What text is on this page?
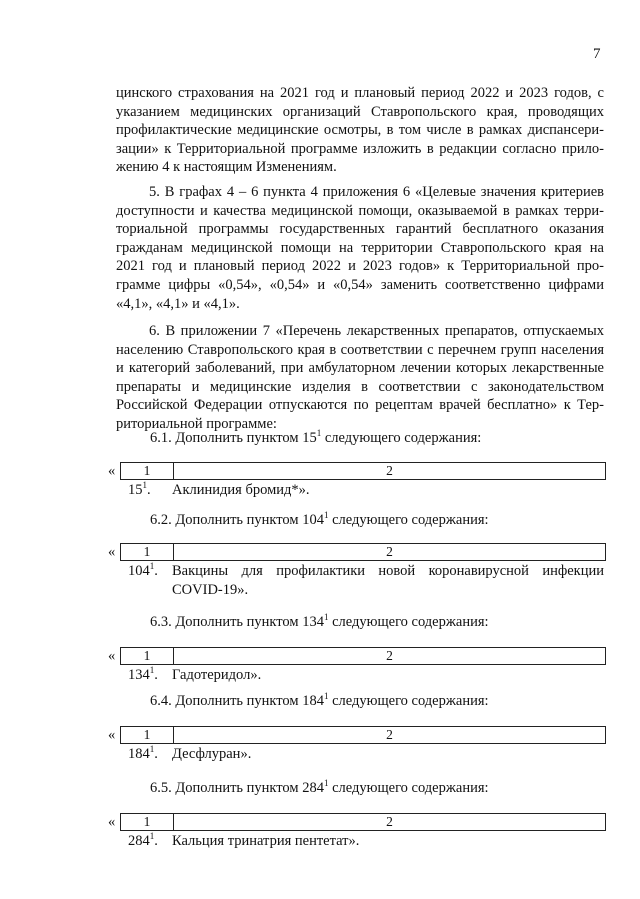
7
цинского страхования на 2021 год и плановый период 2022 и 2023 годов, с
указанием медицинских организаций Ставропольского края, проводящих
профилактические медицинские осмотры, в том числе в рамках диспансери-
зации» к Территориальной программе изложить в редакции согласно прило-
жению 4 к настоящим Изменениям.
5. В графах 4 – 6 пункта 4 приложения 6 «Целевые значения критериев
доступности и качества медицинской помощи, оказываемой в рамках терри-
ториальной программы государственных гарантий бесплатного оказания
гражданам медицинской помощи на территории Ставропольского края на
2021 год и плановый период 2022 и 2023 годов» к Территориальной про-
грамме цифры «0,54», «0,54» и «0,54» заменить соответственно цифрами
«4,1», «4,1» и «4,1».
6. В приложении 7 «Перечень лекарственных препаратов, отпускаемых
населению Ставропольского края в соответствии с перечнем групп населения
и категорий заболеваний, при амбулаторном лечении которых лекарственные
препараты и медицинские изделия в соответствии с законодательством
Российской Федерации отпускаются по рецептам врачей бесплатно» к Тер-
риториальной программе:
6.1. Дополнить пунктом $15^1$ следующего содержания:
«	1	2
$15^1$. Аклинидия бромид*».
6.2. Дополнить пунктом $104^1$ следующего содержания:
«	1	2
$104^1$. Вакцины для профилактики новой коронавирусной инфекции
COVID-19».
6.3. Дополнить пунктом $134^1$ следующего содержания:
«	1	2
$134^1$. Гадотеридол».
6.4. Дополнить пунктом $184^1$ следующего содержания:
«	1	2
$184^1$. Десфлуран».
6.5. Дополнить пунктом $284^1$ следующего содержания:
«	1	2
$284^1$. Кальция тринатрия пентетат».
